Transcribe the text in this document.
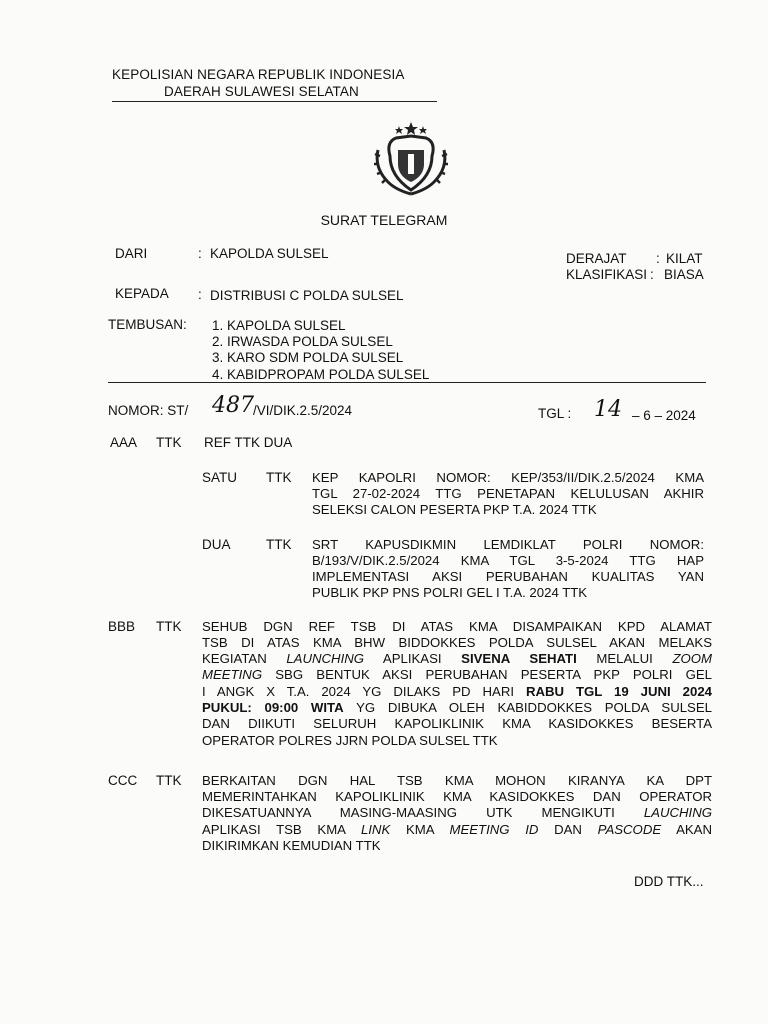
KEPOLISIAN NEGARA REPUBLIK INDONESIA
DAERAH SULAWESI SELATAN
SURAT TELEGRAM
DARI	: KAPOLDA SULSEL	DERAJAT : KILAT
KLASIFIKASI : BIASA
KEPADA : DISTRIBUSI C POLDA SULSEL
TEMBUSAN: 1. KAPOLDA SULSEL
2. IRWASDA POLDA SULSEL
3. KARO SDM POLDA SULSEL
4. KABIDPROPAM POLDA SULSEL
NOMOR: ST/ 487 /VI/DIK.2.5/2024	TGL : 14 – 6 – 2024
AAA TTK REF TTK DUA
SATU TTK KEP KAPOLRI NOMOR: KEP/353/II/DIK.2.5/2024 KMA
TGL 27-02-2024 TTG PENETAPAN KELULUSAN AKHIR
SELEKSI CALON PESERTA PKP T.A. 2024 TTK
DUA	TTK SRT KAPUSDIKMIN LEMDIKLAT POLRI NOMOR:
B/193/V/DIK.2.5/2024 KMA TGL 3-5-2024 TTG HAP
IMPLEMENTASI AKSI PERUBAHAN KUALITAS YAN
PUBLIK PKP PNS POLRI GEL I T.A. 2024 TTK
BBB TTK SEHUB DGN REF TSB DI ATAS KMA DISAMPAIKAN KPD ALAMAT
TSB DI ATAS KMA BHW BIDDOKKES POLDA SULSEL AKAN MELAKS
KEGIATAN LAUNCHING APLIKASI SIVENA SEHATI MELALUI ZOOM
MEETING SBG BENTUK AKSI PERUBAHAN PESERTA PKP POLRI GEL
I ANGK X T.A. 2024 YG DILAKS PD HARI RABU TGL 19 JUNI 2024
PUKUL: 09:00 WITA YG DIBUKA OLEH KABIDDOKKES POLDA SULSEL
DAN DIIKUTI SELURUH KAPOLIKLINIK KMA KASIDOKKES BESERTA
OPERATOR POLRES JJRN POLDA SULSEL TTK
CCC TTK BERKAITAN DGN HAL TSB KMA MOHON KIRANYA KA DPT
MEMERINTAHKAN KAPOLIKLINIK KMA KASIDOKKES DAN OPERATOR
DIKESATUANNYA MASING-MAASING UTK MENGIKUTI LAUCHING
APLIKASI TSB KMA LINK KMA MEETING ID DAN PASCODE AKAN
DIKIRIMKAN KEMUDIAN TTK
DDD TTK...
